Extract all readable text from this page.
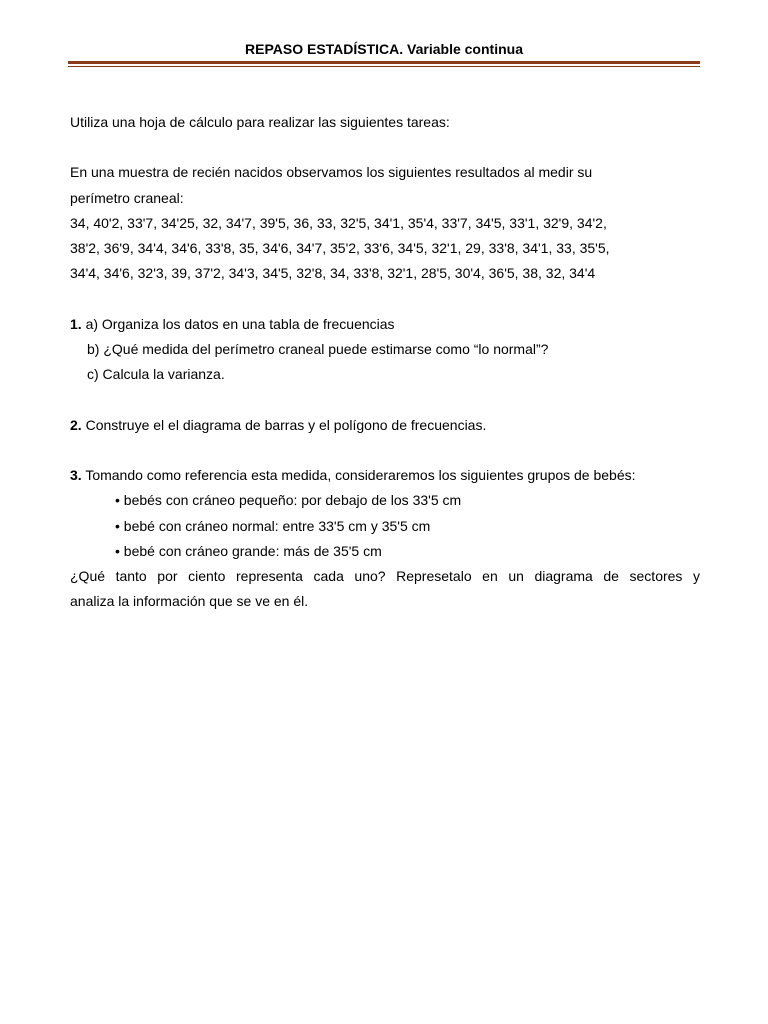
REPASO ESTADÍSTICA. Variable continua

Utiliza una hoja de cálculo para realizar las siguientes tareas:

En una muestra de recién nacidos observamos los siguientes resultados al medir su

perímetro craneal:

34, 40'2, 33'7, 34'25, 32, 34'7, 39'5, 36, 33, 32'5, 34'1, 35'4, 33'7, 34'5, 33'1, 32'9, 34'2,

38'2, 36'9, 34'4, 34'6, 33'8, 35, 34'6, 34'7, 35'2, 33'6, 34'5, 32'1, 29, 33'8, 34'1, 33, 35'5,

34'4, 34'6, 32'3, 39, 37'2, 34'3, 34'5, 32'8, 34, 33'8, 32'1, 28'5, 30'4, 36'5, 38, 32, 34'4

1. a) Organiza los datos en una tabla de frecuencias

b) ¿Qué medida del perímetro craneal puede estimarse como “lo normal”?

c) Calcula la varianza.

2. Construye el el diagrama de barras y el polígono de frecuencias.

3. Tomando como referencia esta medida, consideraremos los siguientes grupos de bebés:

• bebés con cráneo pequeño: por debajo de los 33'5 cm

• bebé con cráneo normal: entre 33'5 cm y 35'5 cm

• bebé con cráneo grande: más de 35'5 cm

¿Qué tanto por ciento representa cada uno? Represetalo en un diagrama de sectores y

analiza la información que se ve en él.
